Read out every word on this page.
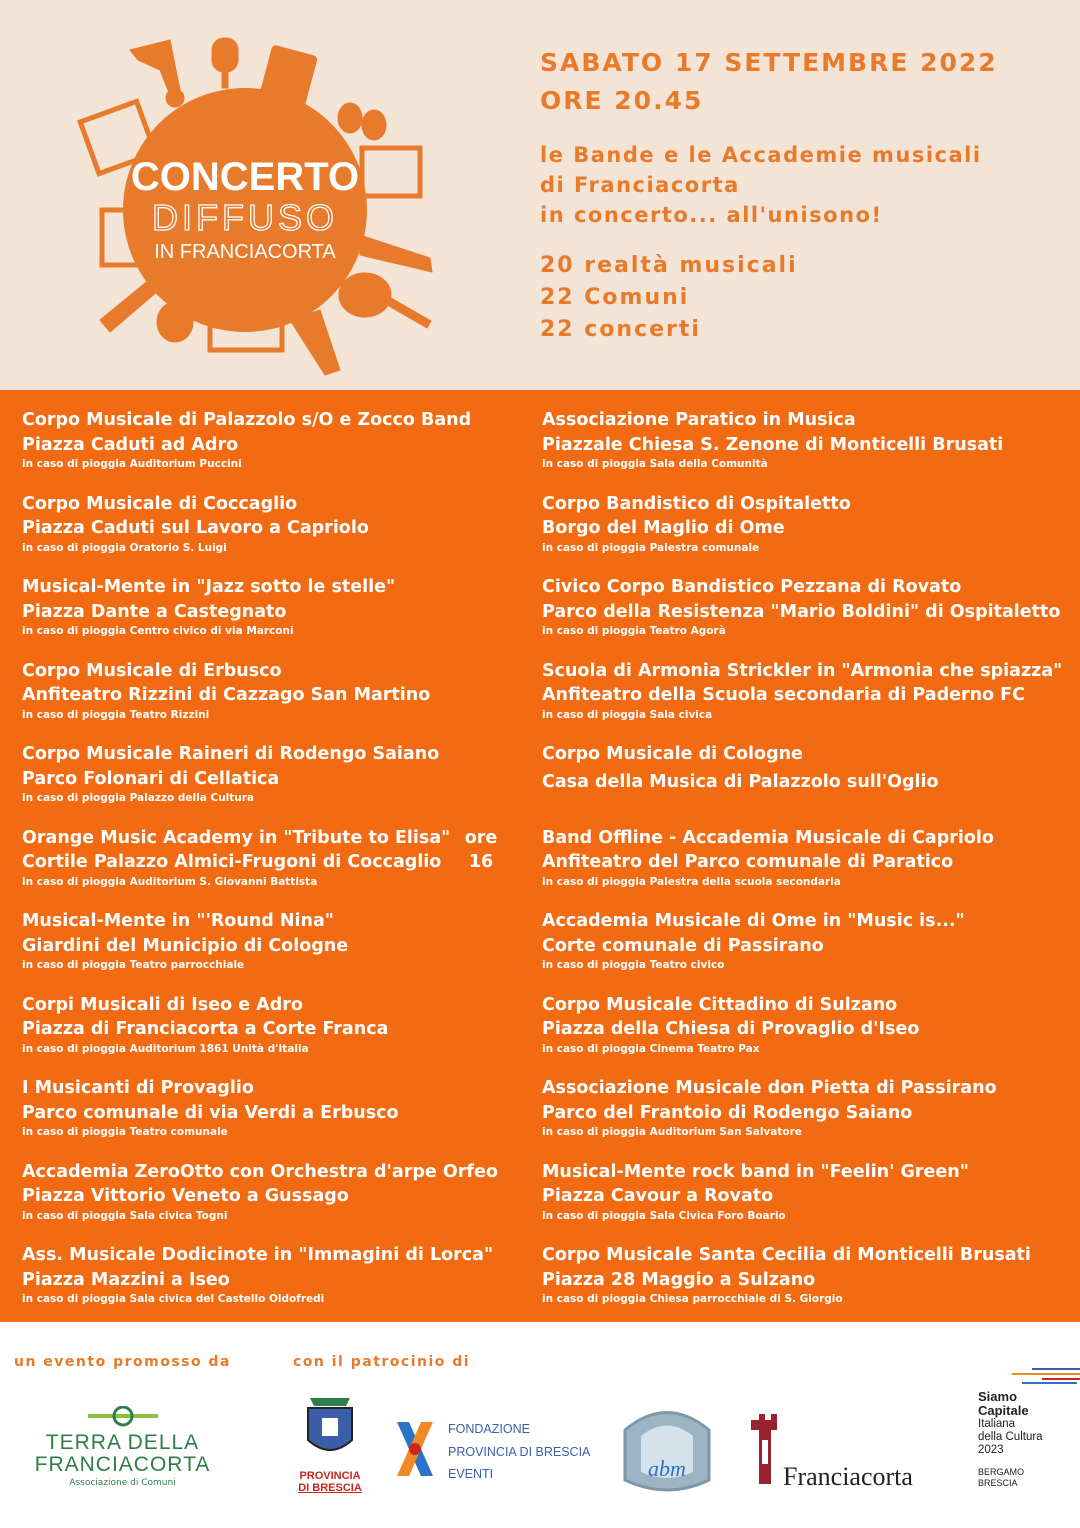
CONCERTO
DIFFUSO
IN FRANCIACORTA
SABATO 17 SETTEMBRE 2022
ORE 20.45
le Bande e le Accademie musicali
di Franciacorta
in concerto... all'unisono!
20 realtà musicali
22 Comuni
22 concerti
Corpo Musicale di Palazzolo s/O e Zocco Band
Piazza Caduti ad Adro
in caso di pioggia Auditorium Puccini
Corpo Musicale di Coccaglio
Piazza Caduti sul Lavoro a Capriolo
in caso di pioggia Oratorio S. Luigi
Musical-Mente in "Jazz sotto le stelle"
Piazza Dante a Castegnato
in caso di pioggia Centro civico di via Marconi
Corpo Musicale di Erbusco
Anfiteatro Rizzini di Cazzago San Martino
in caso di pioggia Teatro Rizzini
Corpo Musicale Raineri di Rodengo Saiano
Parco Folonari di Cellatica
in caso di pioggia Palazzo della Cultura
Orange Music Academy in "Tribute to Elisa"
Cortile Palazzo Almici-Frugoni di Coccaglio
in caso di pioggia Auditorium S. Giovanni Battista
ore
16
Musical-Mente in "'Round Nina"
Giardini del Municipio di Cologne
in caso di pioggia Teatro parrocchiale
Corpi Musicali di Iseo e Adro
Piazza di Franciacorta a Corte Franca
in caso di pioggia Auditorium 1861 Unità d'Italia
I Musicanti di Provaglio
Parco comunale di via Verdi a Erbusco
in caso di pioggia Teatro comunale
Accademia ZeroOtto con Orchestra d'arpe Orfeo
Piazza Vittorio Veneto a Gussago
in caso di pioggia Sala civica Togni
Ass. Musicale Dodicinote in "Immagini di Lorca"
Piazza Mazzini a Iseo
in caso di pioggia Sala civica del Castello Oldofredi
Associazione Paratico in Musica
Piazzale Chiesa S. Zenone di Monticelli Brusati
in caso di pioggia Sala della Comunità
Corpo Bandistico di Ospitaletto
Borgo del Maglio di Ome
in caso di pioggia Palestra comunale
Civico Corpo Bandistico Pezzana di Rovato
Parco della Resistenza "Mario Boldini" di Ospitaletto
in caso di pioggia Teatro Agorà
Scuola di Armonia Strickler in "Armonia che spiazza"
Anfiteatro della Scuola secondaria di Paderno FC
in caso di pioggia Sala civica
Corpo Musicale di Cologne
Casa della Musica di Palazzolo sull'Oglio
Band Offline - Accademia Musicale di Capriolo
Anfiteatro del Parco comunale di Paratico
in caso di pioggia Palestra della scuola secondaria
Accademia Musicale di Ome in "Music is..."
Corte comunale di Passirano
in caso di pioggia Teatro civico
Corpo Musicale Cittadino di Sulzano
Piazza della Chiesa di Provaglio d'Iseo
in caso di pioggia Cinema Teatro Pax
Associazione Musicale don Pietta di Passirano
Parco del Frantoio di Rodengo Saiano
in caso di pioggia Auditorium San Salvatore
Musical-Mente rock band in "Feelin' Green"
Piazza Cavour a Rovato
in caso di pioggia Sala Civica Foro Boario
Corpo Musicale Santa Cecilia di Monticelli Brusati
Piazza 28 Maggio a Sulzano
in caso di pioggia Chiesa parrocchiale di S. Giorgio
un evento promosso da	con il patrocinio di
TERRA DELLA
FRANCIACORTA
Associazione di Comuni
PROVINCIA
DI BRESCIA
FONDAZIONE
PROVINCIA DI BRESCIA
EVENTI	abm	Franciacorta
Siamo
Capitale
Italiana
della Cultura
2023
BERGAMO
BRESCIA
